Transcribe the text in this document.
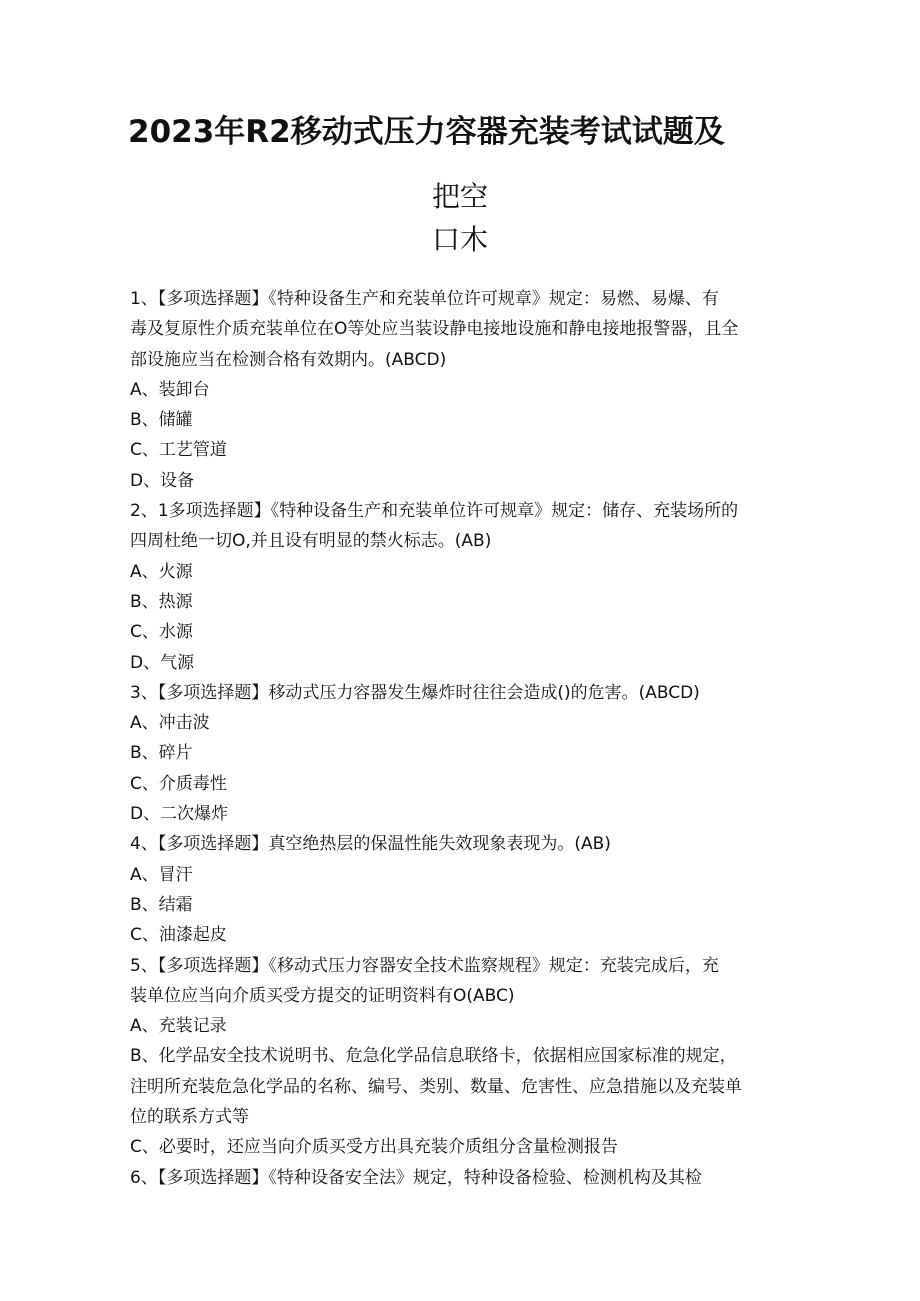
2023年R2移动式压力容器充装考试试题及
把空
口木
1、【多项选择题】《特种设备生产和充装单位许可规章》规定：易燃、易爆、有
毒及复原性介质充装单位在O等处应当装设静电接地设施和静电接地报警器，且全
部设施应当在检测合格有效期内。(ABCD)
A、装卸台
B、储罐
C、工艺管道
D、设备
2、1多项选择题】《特种设备生产和充装单位许可规章》规定：储存、充装场所的
四周杜绝一切O,并且设有明显的禁火标志。(AB)
A、火源
B、热源
C、水源
D、气源
3、【多项选择题】移动式压力容器发生爆炸时往往会造成()的危害。(ABCD)
A、冲击波
B、碎片
C、介质毒性
D、二次爆炸
4、【多项选择题】真空绝热层的保温性能失效现象表现为。(AB)
A、冒汗
B、结霜
C、油漆起皮
5、【多项选择题】《移动式压力容器安全技术监察规程》规定：充装完成后，充
装单位应当向介质买受方提交的证明资料有O(ABC)
A、充装记录
B、化学品安全技术说明书、危急化学品信息联络卡，依据相应国家标准的规定，
注明所充装危急化学品的名称、编号、类别、数量、危害性、应急措施以及充装单
位的联系方式等
C、必要时，还应当向介质买受方出具充装介质组分含量检测报告
6、【多项选择题】《特种设备安全法》规定，特种设备检验、检测机构及其检
